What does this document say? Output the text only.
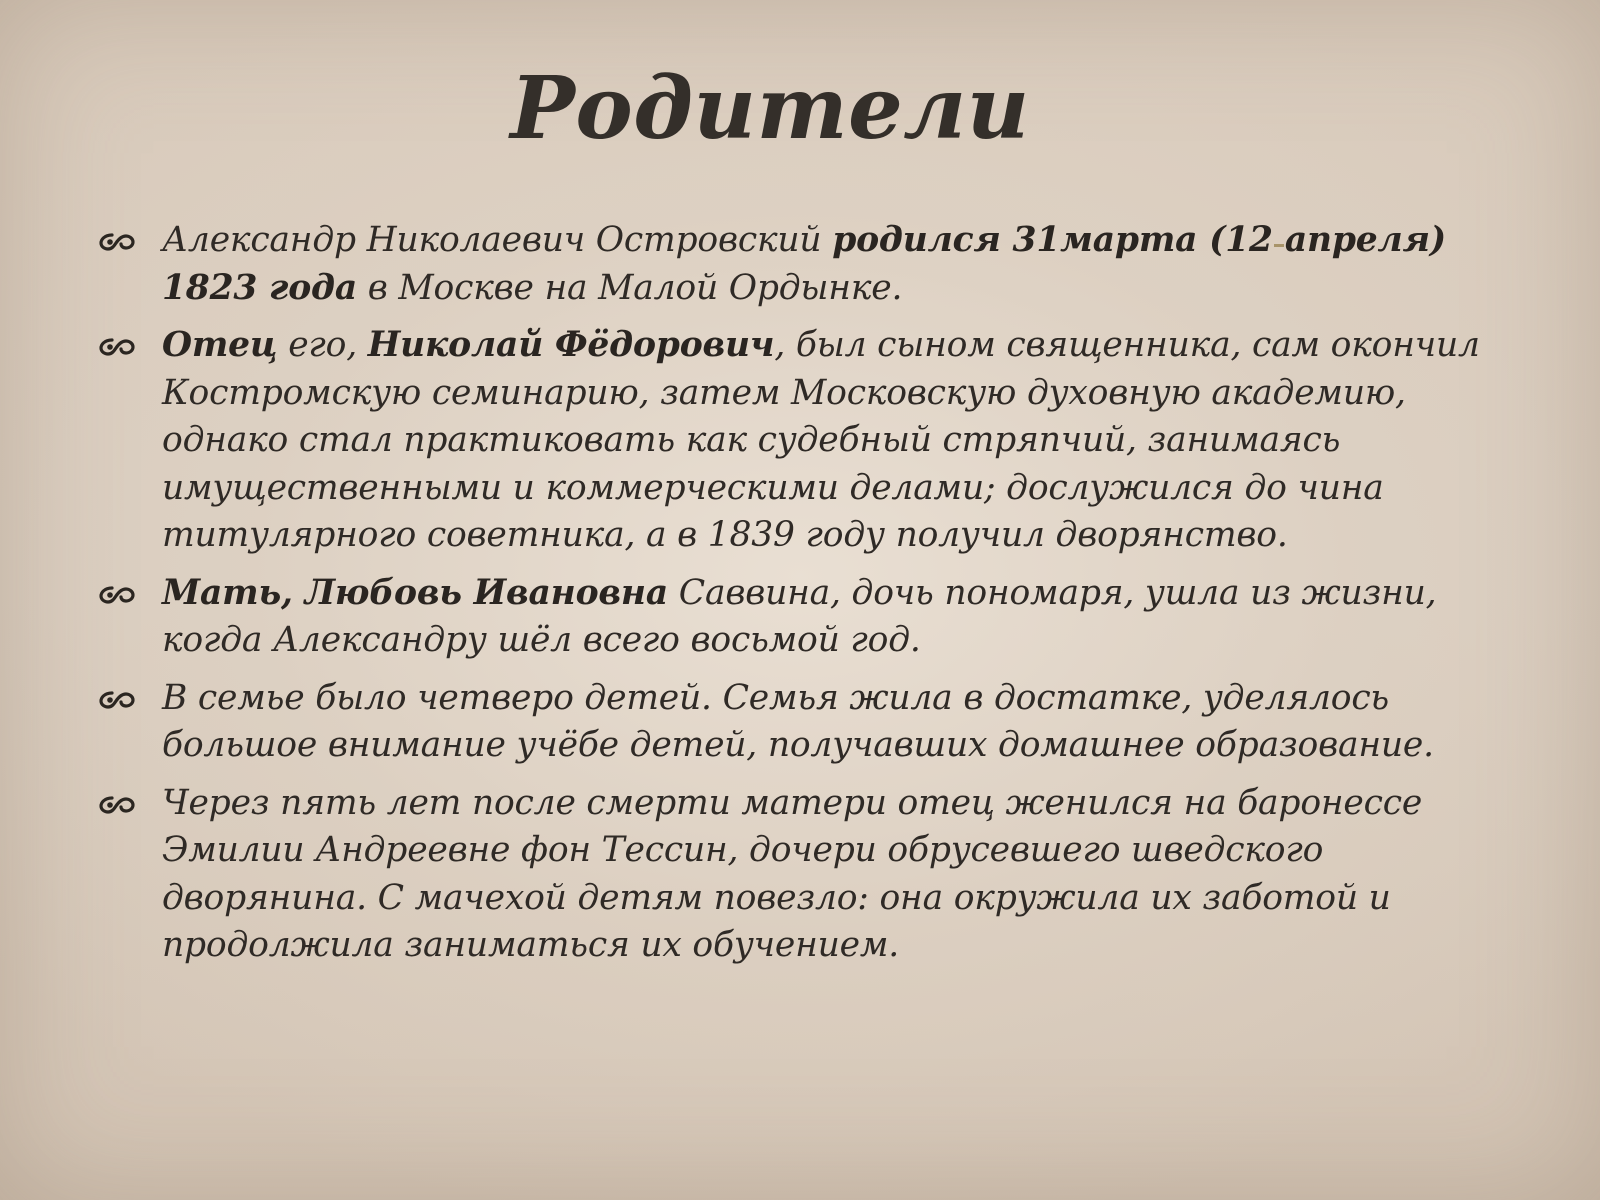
Родители
Александр Николаевич Островский родился 31марта (12 апреля) 1823 года в Москве на Малой Ордынке.
Отец его, Николай Фёдорович, был сыном священника, сам окончил Костромскую семинарию, затем Московскую духовную академию, однако стал практиковать как судебный стряпчий, занимаясь имущественными и коммерческими делами; дослужился до чина титулярного советника, а в 1839 году получил дворянство.
Мать, Любовь Ивановна Саввина, дочь пономаря, ушла из жизни, когда Александру шёл всего восьмой год.
В семье было четверо детей. Семья жила в достатке, уделялось большое внимание учёбе детей, получавших домашнее образование.
Через пять лет после смерти матери отец женился на баронессе Эмилии Андреевне фон Тессин, дочери обрусевшего шведского дворянина. С мачехой детям повезло: она окружила их заботой и продолжила заниматься их обучением.
